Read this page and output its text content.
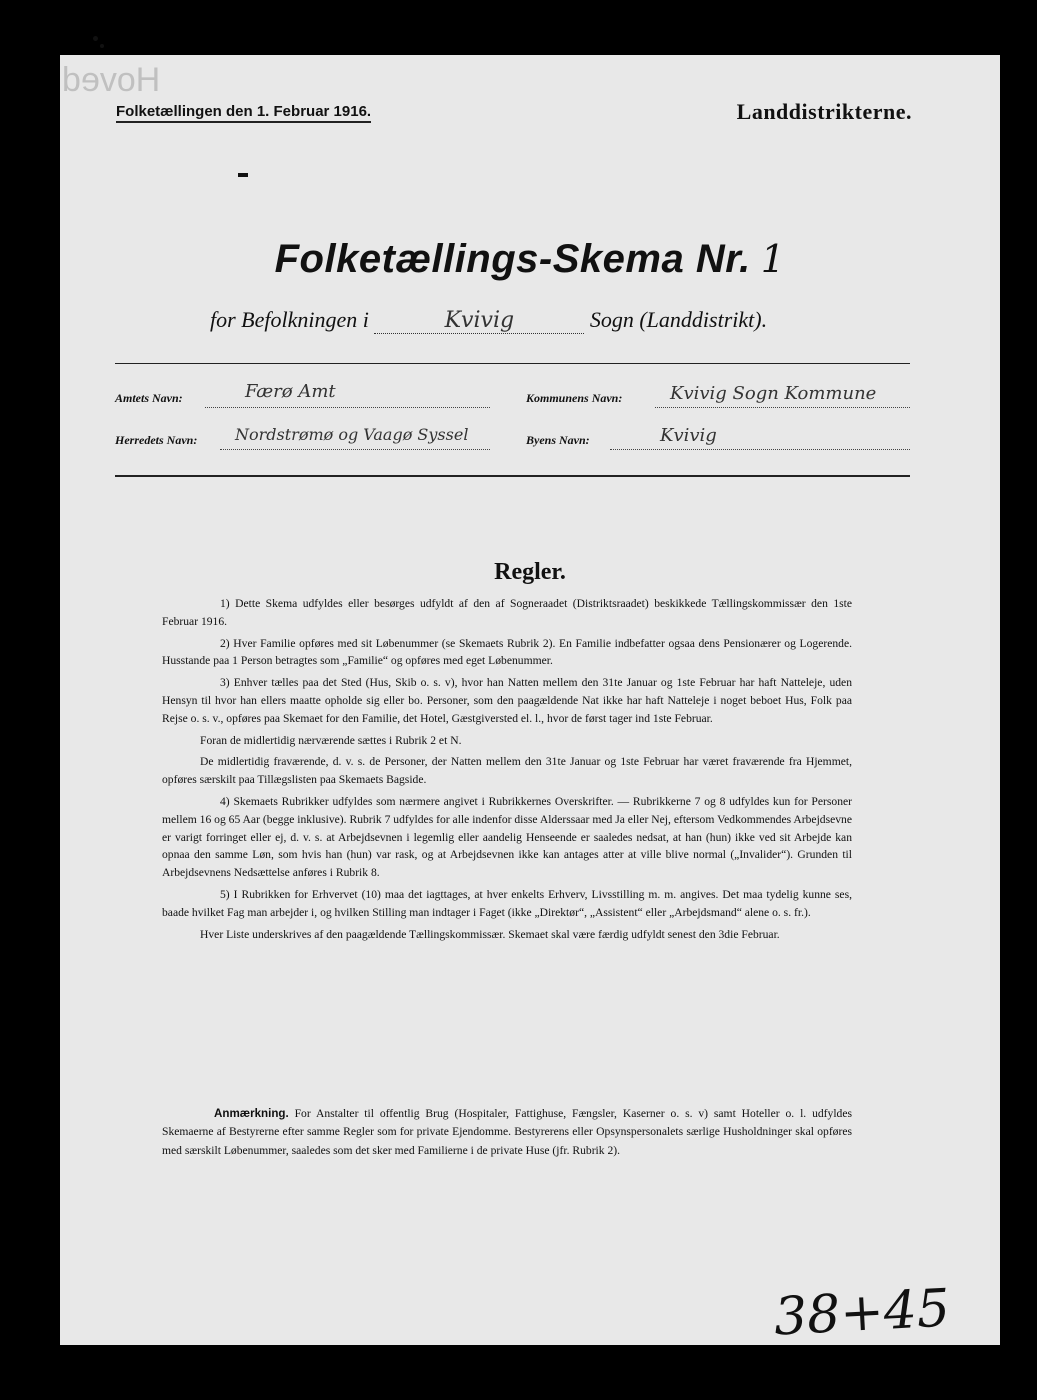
Hoved
Folketællingen den 1. Februar 1916.	Landdistrikterne.
Folketællings-Skema Nr. 1
for Befolkningen i	Kvivig	Sogn (Landdistrikt).
Amtets Navn:	Færø Amt	Kommunens Navn:	Kvivig Sogn Kommune
Herredets Navn: Nordstrømø og Vaagø Syssel	Byens Navn:	Kvivig
Regler.

1) Dette Skema udfyldes eller besørges udfyldt af den af Sogneraadet (Distriktsraadet) beskikkede Tællingskommissær den 1ste Februar 1916.

2) Hver Familie opføres med sit Løbenummer (se Skemaets Rubrik 2). En Familie indbefatter ogsaa dens Pensionærer og Logerende. Husstande paa 1 Person betragtes som „Familie“ og opføres med eget Løbenummer.

3) Enhver tælles paa det Sted (Hus, Skib o. s. v), hvor han Natten mellem den 31te Januar og 1ste Februar har haft Natteleje, uden Hensyn til hvor han ellers maatte opholde sig eller bo. Personer, som den paagældende Nat ikke har haft Natteleje i noget beboet Hus, Folk paa Rejse o. s. v., opføres paa Skemaet for den Familie, det Hotel, Gæstgiversted el. l., hvor de først tager ind 1ste Februar.

Foran de midlertidig nærværende sættes i Rubrik 2 et N.

De midlertidig fraværende, d. v. s. de Personer, der Natten mellem den 31te Januar og 1ste Februar har været fraværende fra Hjemmet, opføres særskilt paa Tillægslisten paa Skemaets Bagside.

4) Skemaets Rubrikker udfyldes som nærmere angivet i Rubrikkernes Overskrifter. — Rubrikkerne 7 og 8 udfyldes kun for Personer mellem 16 og 65 Aar (begge inklusive). Rubrik 7 udfyldes for alle indenfor disse Alderssaar med Ja eller Nej, eftersom Vedkommendes Arbejdsevne er varigt forringet eller ej, d. v. s. at Arbejdsevnen i legemlig eller aandelig Henseende er saaledes nedsat, at han (hun) ikke ved sit Arbejde kan opnaa den samme Løn, som hvis han (hun) var rask, og at Arbejdsevnen ikke kan antages atter at ville blive normal („Invalider“). Grunden til Arbejdsevnens Nedsættelse anføres i Rubrik 8.

5) I Rubrikken for Erhvervet (10) maa det iagttages, at hver enkelts Erhverv, Livsstilling m. m. angives. Det maa tydelig kunne ses, baade hvilket Fag man arbejder i, og hvilken Stilling man indtager i Faget (ikke „Direktør“, „Assistent“ eller „Arbejdsmand“ alene o. s. fr.).

Hver Liste underskrives af den paagældende Tællingskommissær. Skemaet skal være færdig udfyldt senest den 3die Februar.

Anmærkning. For Anstalter til offentlig Brug (Hospitaler, Fattighuse, Fængsler, Kaserner o. s. v) samt Hoteller o. l. udfyldes Skemaerne af Bestyrerne efter samme Regler som for private Ejendomme. Bestyrerens eller Opsynspersonalets særlige Husholdninger skal opføres med særskilt Løbenummer, saaledes som det sker med Familierne i de private Huse (jfr. Rubrik 2).
38+45
